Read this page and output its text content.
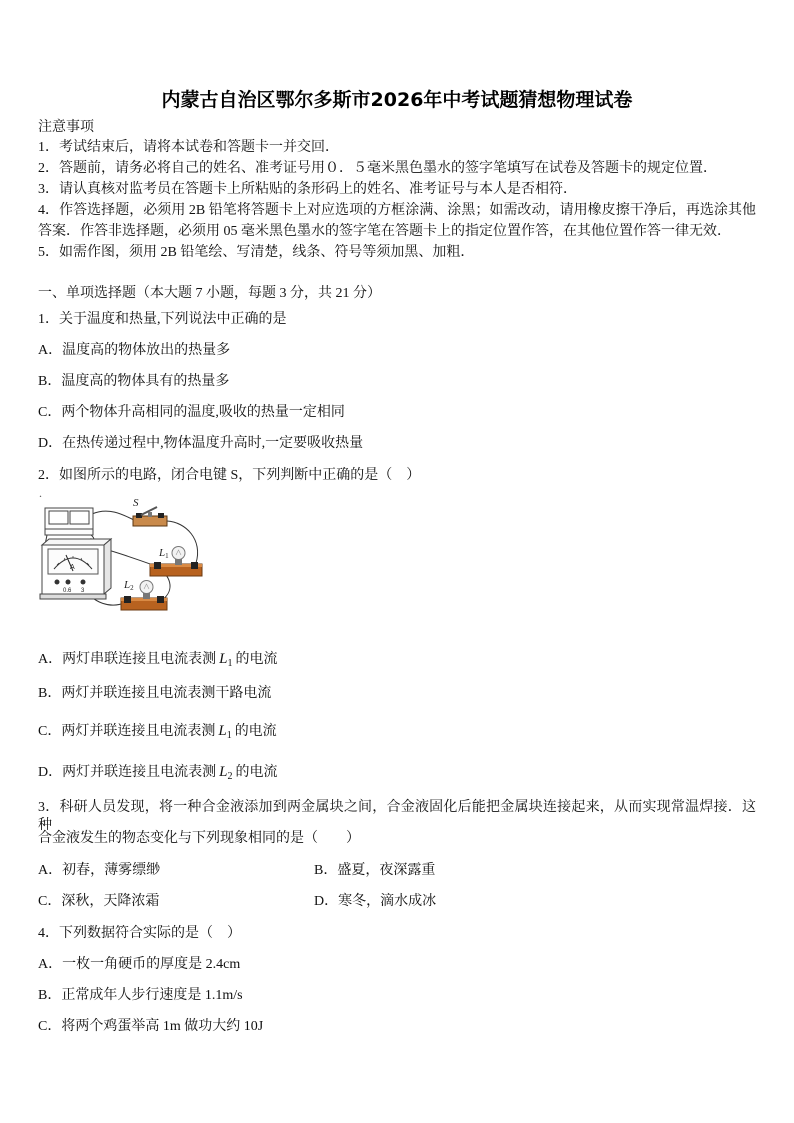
内蒙古自治区鄂尔多斯市2026年中考试题猜想物理试卷
注意事项
1．考试结束后，请将本试卷和答题卡一并交回．
2．答题前，请务必将自己的姓名、准考证号用０．５毫米黑色墨水的签字笔填写在试卷及答题卡的规定位置．
3．请认真核对监考员在答题卡上所粘贴的条形码上的姓名、准考证号与本人是否相符．
4．作答选择题，必须用 2B 铅笔将答题卡上对应选项的方框涂满、涂黑；如需改动，请用橡皮擦干净后，再选涂其他
答案．作答非选择题，必须用 05 毫米黑色墨水的签字笔在答题卡上的指定位置作答，在其他位置作答一律无效．
5．如需作图，须用 2B 铅笔绘、写清楚，线条、符号等须加黑、加粗．
一、单项选择题（本大题 7 小题，每题 3 分，共 21 分）
1．关于温度和热量,下列说法中正确的是
A．温度高的物体放出的热量多
B．温度高的物体具有的热量多
C．两个物体升高相同的温度,吸收的热量一定相同
D．在热传递过程中,物体温度升高时,一定要吸收热量
2．如图所示的电路，闭合电键 S，下列判断中正确的是（　）
.
S
L1
A
0.6 3	L2
A．两灯串联连接且电流表测 $L_1$ 的电流
B．两灯并联连接且电流表测干路电流
C．两灯并联连接且电流表测 $L_1$ 的电流
D．两灯并联连接且电流表测 $L_2$ 的电流
3．科研人员发现，将一种合金液添加到两金属块之间，合金液固化后能把金属块连接起来，从而实现常温焊接．这种
合金液发生的物态变化与下列现象相同的是（　　）
A．初春，薄雾缥缈	B．盛夏，夜深露重
C．深秋，天降浓霜	D．寒冬，滴水成冰
4．下列数据符合实际的是（　）
A．一枚一角硬币的厚度是 2.4cm
B．正常成年人步行速度是 1.1m/s
C．将两个鸡蛋举高 1m 做功大约 10J
